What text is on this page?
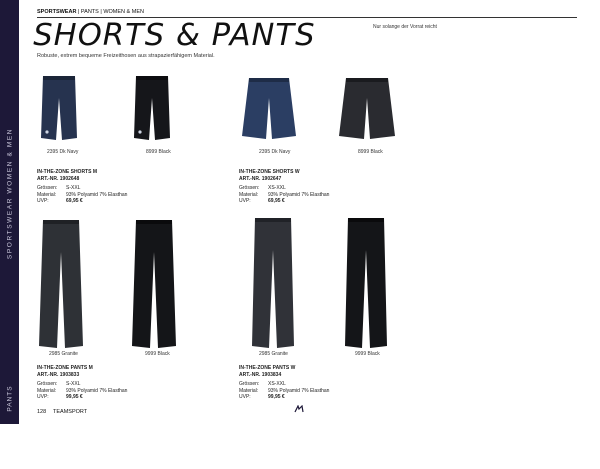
SPORTSWEAR WOMEN & MEN
PANTS
SPORTSWEAR | PANTS | WOMEN & MEN
SHORTS & PANTS	Nur solange der Vorrat reicht
Robuste, extrem bequeme Freizeithosen aus strapazierfähigem Material.
2395 Dk Navy	8999 Black	2395 Dk Navy	8999 Black
2985 Granite	9999 Black	2985 Granite	9999 Black
IN-THE-ZONE SHORTS M
ART.-NR. 1902648
Grössen:	S-XXL
Material:	93% Polyamid 7% Elasthan
UVP:	69,95 €
IN-THE-ZONE SHORTS W
ART.-NR. 1902647
Grössen:	XS-XXL
Material:	93% Polyamid 7% Elasthan
UVP:	69,95 €
IN-THE-ZONE PANTS M
ART.-NR. 1903833
Grössen:	S-XXL
Material:	93% Polyamid 7% Elasthan
UVP:	99,95 €
IN-THE-ZONE PANTS W
ART.-NR. 1903834
Grössen:	XS-XXL
Material:	93% Polyamid 7% Elasthan
UVP:	99,95 €
128 TEAMSPORT
